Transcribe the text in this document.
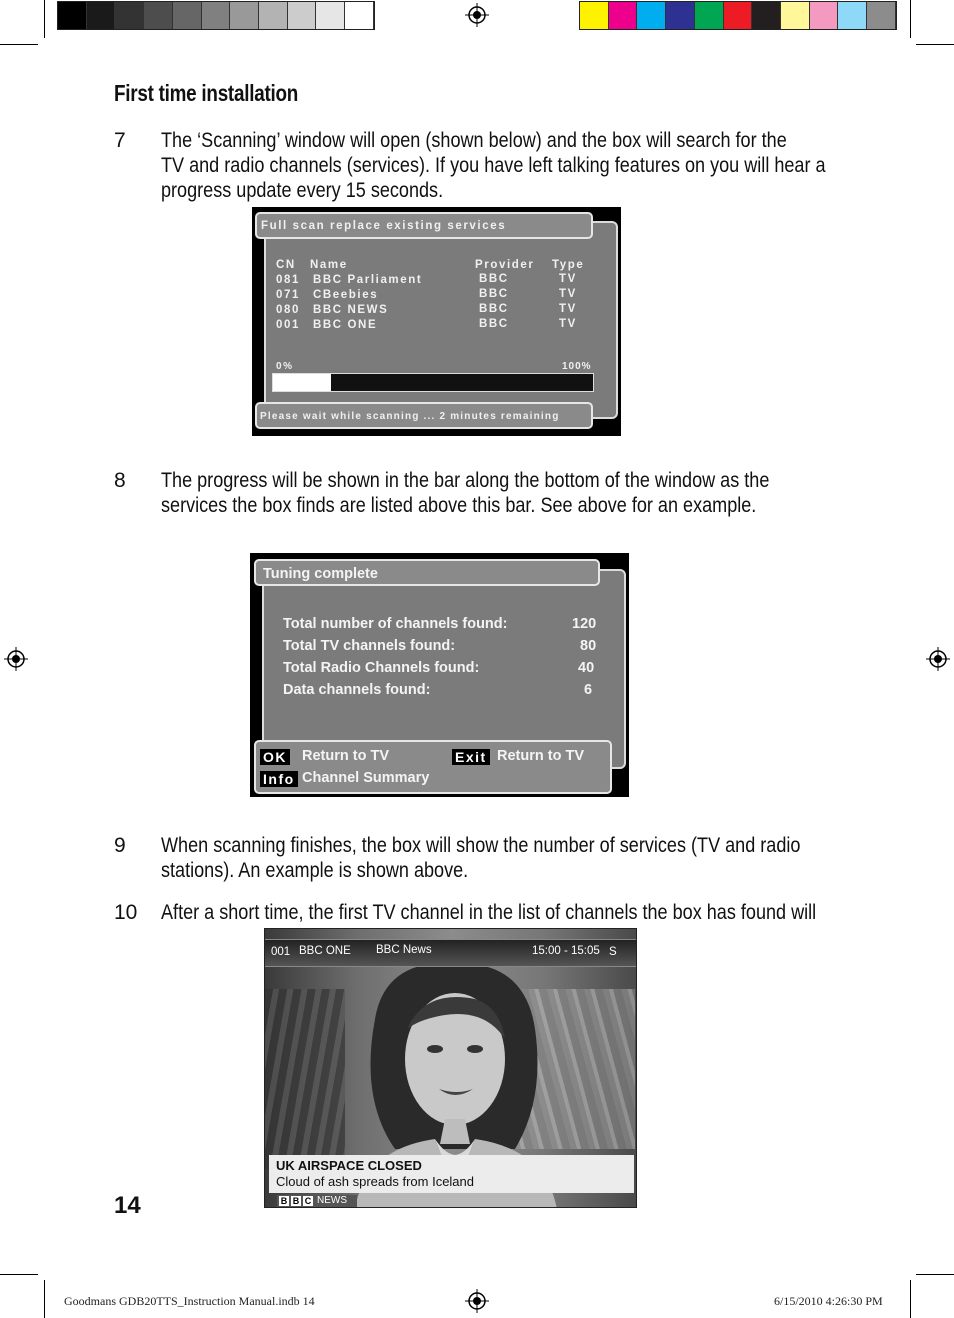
First time installation
7 The ‘Scanning’ window will open (shown below) and the box will search for the
TV and radio channels (services). If you have left talking features on you will hear a
progress update every 15 seconds.
Full scan replace existing services
CN Name	Provider Type
081 BBC Parliament	BBC	TV
071 CBeebies	BBC	TV
080 BBC NEWS	BBC	TV
001 BBC ONE	BBC	TV
0%	100%
Please wait while scanning ... 2 minutes remaining
8 The progress will be shown in the bar along the bottom of the window as the
services the box finds are listed above this bar. See above for an example.
Tuning complete
Total number of channels found:	120
Total TV channels found:	80
Total Radio Channels found:	40
Data channels found:	6
OK Return to TV	Exit Return to TV
Info Channel Summary
9 When scanning finishes, the box will show the number of services (TV and radio
stations). An example is shown above.
10 After a short time, the first TV channel in the list of channels the box has found will
001 BBC ONE BBC News	15:00 - 15:05 S
UK AIRSPACE CLOSED
Cloud of ash spreads from Iceland
B B C NEWS
14
Goodmans GDB20TTS_Instruction Manual.indb 14	6/15/2010 4:26:30 PM
